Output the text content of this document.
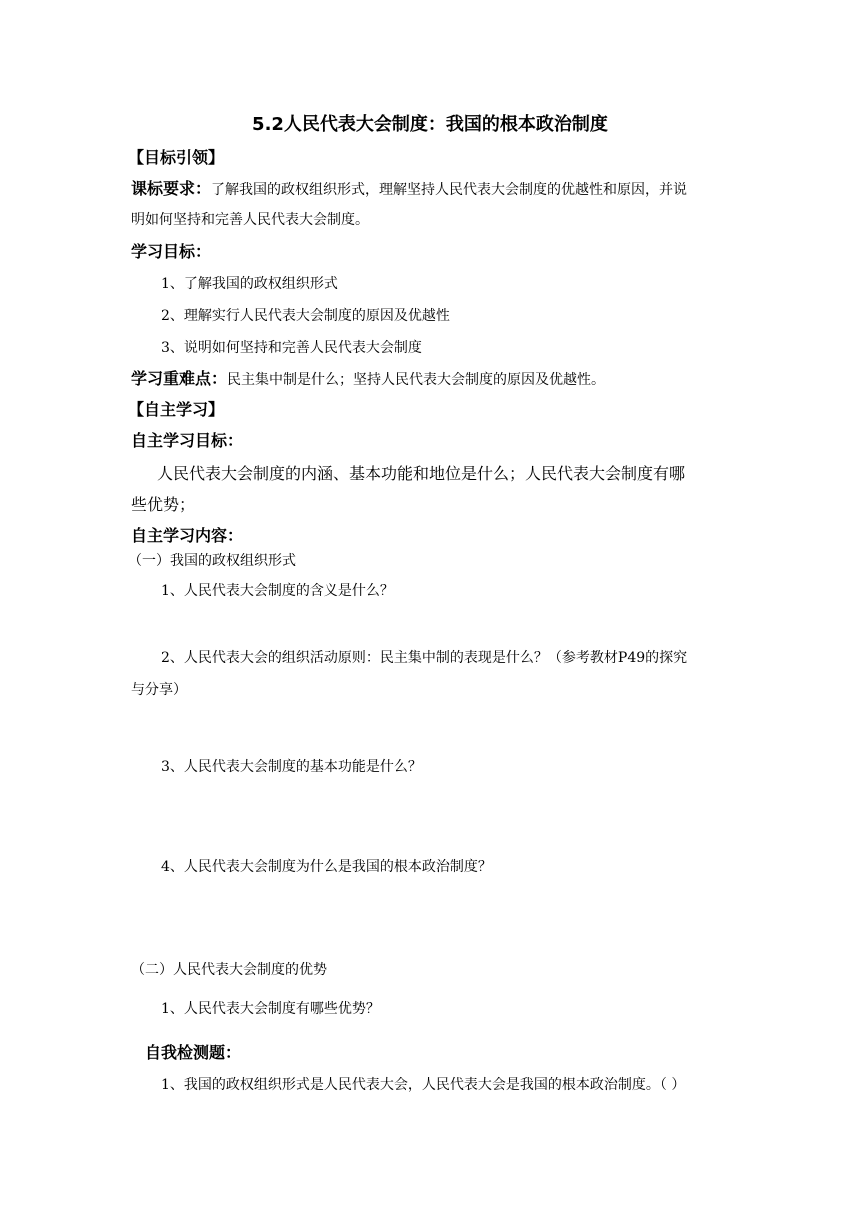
5.2人民代表大会制度：我国的根本政治制度
【目标引领】
课标要求：了解我国的政权组织形式，理解坚持人民代表大会制度的优越性和原因，并说
明如何坚持和完善人民代表大会制度。
学习目标：
1、了解我国的政权组织形式
2、理解实行人民代表大会制度的原因及优越性
3、说明如何坚持和完善人民代表大会制度
学习重难点：民主集中制是什么；坚持人民代表大会制度的原因及优越性。
【自主学习】
自主学习目标：
人民代表大会制度的内涵、基本功能和地位是什么；人民代表大会制度有哪
些优势；
自主学习内容：
（一）我国的政权组织形式
1、人民代表大会制度的含义是什么？
2、人民代表大会的组织活动原则：民主集中制的表现是什么？（参考教材P49的探究
与分享）
3、人民代表大会制度的基本功能是什么？
4、人民代表大会制度为什么是我国的根本政治制度？
（二）人民代表大会制度的优势
1、人民代表大会制度有哪些优势？
自我检测题：
1、我国的政权组织形式是人民代表大会，人民代表大会是我国的根本政治制度。（ ）
